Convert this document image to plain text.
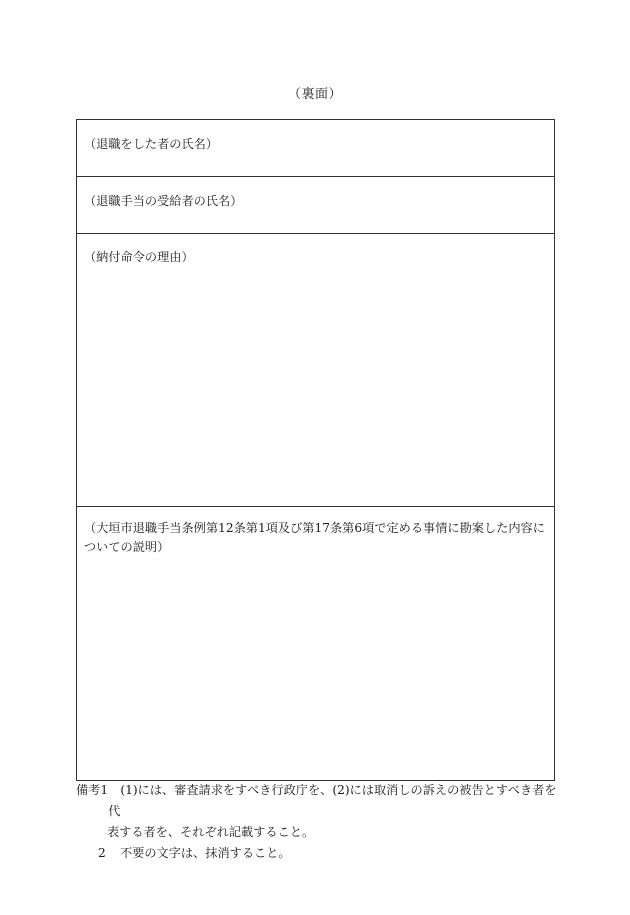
（裏面）
（退職をした者の氏名）
（退職手当の受給者の氏名）
（納付命令の理由）
（大垣市退職手当条例第12条第1項及び第17条第6項で定める事情に勘案した内容についての説明）
備考1 　(1)には、審査請求をすべき行政庁を、(2)には取消しの訴えの被告とすべき者を代
表する者を、それぞれ記載すること。
2 不要の文字は、抹消すること。
